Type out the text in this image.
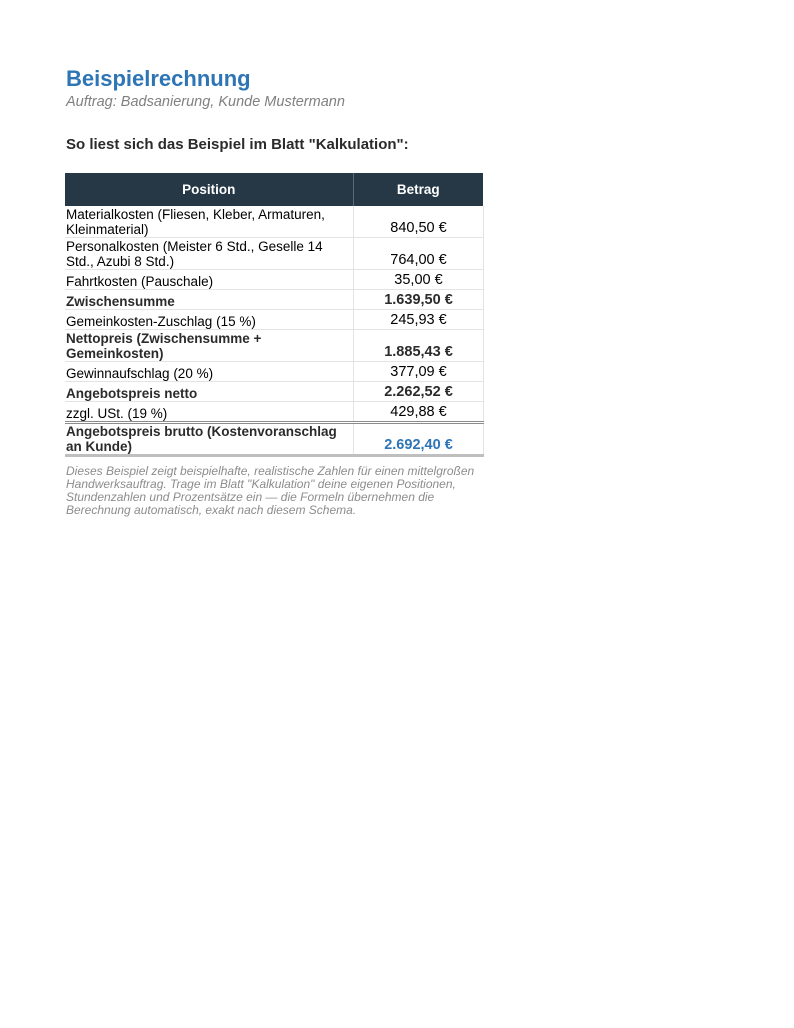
Beispielrechnung

Auftrag: Badsanierung, Kunde Mustermann

So liest sich das Beispiel im Blatt "Kalkulation":
Position	Betrag
Materialkosten (Fliesen, Kleber, Armaturen, Kleinmaterial)	840,50 €
Personalkosten (Meister 6 Std., Geselle 14 Std., Azubi 8 Std.)	764,00 €
Fahrtkosten (Pauschale)	35,00 €
Zwischensumme	1.639,50 €
Gemeinkosten-Zuschlag (15 %)	245,93 €
Nettopreis (Zwischensumme + Gemeinkosten)	1.885,43 €
Gewinnaufschlag (20 %)	377,09 €
Angebotspreis netto	2.262,52 €
zzgl. USt. (19 %)	429,88 €
Angebotspreis brutto (Kostenvoranschlag an Kunde)	2.692,40 €

Dieses Beispiel zeigt beispielhafte, realistische Zahlen für einen mittelgroßen Handwerksauftrag. Trage im Blatt "Kalkulation" deine eigenen Positionen, Stundenzahlen und Prozentsätze ein — die Formeln übernehmen die Berechnung automatisch, exakt nach diesem Schema.
